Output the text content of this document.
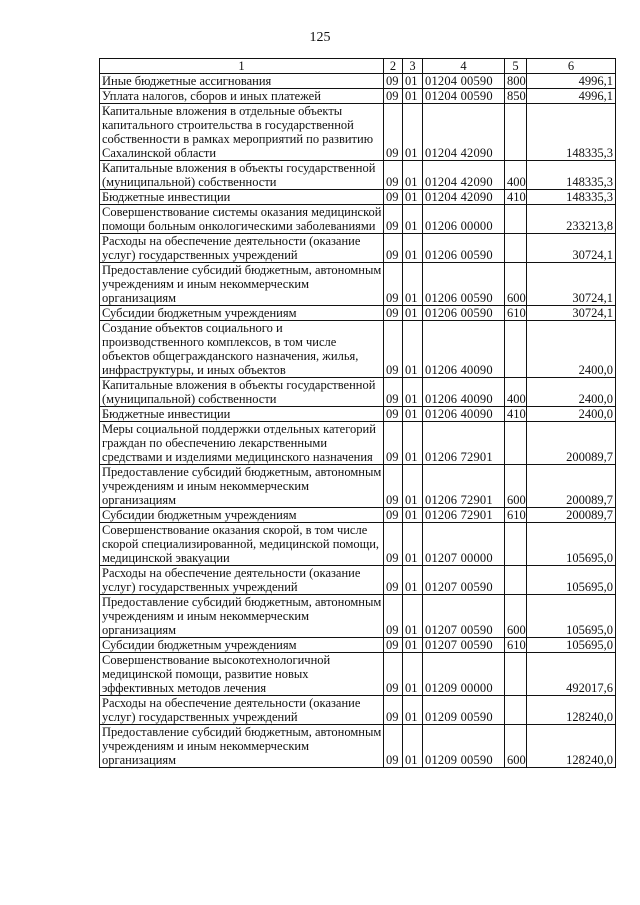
125
1	2	3	4	5	6
Иные бюджетные ассигнования	09	01	01204 00590	800	4996,1
Уплата налогов, сборов и иных платежей	09	01	01204 00590	850	4996,1
Капитальные вложения в отдельные объекты капитального строительства в государственной собственности в рамках мероприятий по развитию Сахалинской области	09	01	01204 42090		148335,3
Капитальные вложения в объекты государственной (муниципальной) собственности	09	01	01204 42090	400	148335,3
Бюджетные инвестиции	09	01	01204 42090	410	148335,3
Совершенствование системы оказания медицинской помощи больным онкологическими заболеваниями	09	01	01206 00000		233213,8
Расходы на обеспечение деятельности (оказание услуг) государственных учреждений	09	01	01206 00590		30724,1
Предоставление субсидий бюджетным, автономным учреждениям и иным некоммерческим организациям	09	01	01206 00590	600	30724,1
Субсидии бюджетным учреждениям	09	01	01206 00590	610	30724,1
Создание объектов социального и производственного комплексов, в том числе объектов общегражданского назначения, жилья, инфраструктуры, и иных объектов	09	01	01206 40090		2400,0
Капитальные вложения в объекты государственной (муниципальной) собственности	09	01	01206 40090	400	2400,0
Бюджетные инвестиции	09	01	01206 40090	410	2400,0
Меры социальной поддержки отдельных категорий граждан по обеспечению лекарственными средствами и изделиями медицинского назначения	09	01	01206 72901		200089,7
Предоставление субсидий бюджетным, автономным учреждениям и иным некоммерческим организациям	09	01	01206 72901	600	200089,7
Субсидии бюджетным учреждениям	09	01	01206 72901	610	200089,7
Совершенствование оказания скорой, в том числе скорой специализированной, медицинской помощи, медицинской эвакуации	09	01	01207 00000		105695,0
Расходы на обеспечение деятельности (оказание услуг) государственных учреждений	09	01	01207 00590		105695,0
Предоставление субсидий бюджетным, автономным учреждениям и иным некоммерческим организациям	09	01	01207 00590	600	105695,0
Субсидии бюджетным учреждениям	09	01	01207 00590	610	105695,0
Совершенствование высокотехнологичной медицинской помощи, развитие новых эффективных методов лечения	09	01	01209 00000		492017,6
Расходы на обеспечение деятельности (оказание услуг) государственных учреждений	09	01	01209 00590		128240,0
Предоставление субсидий бюджетным, автономным учреждениям и иным некоммерческим организациям	09	01	01209 00590	600	128240,0
